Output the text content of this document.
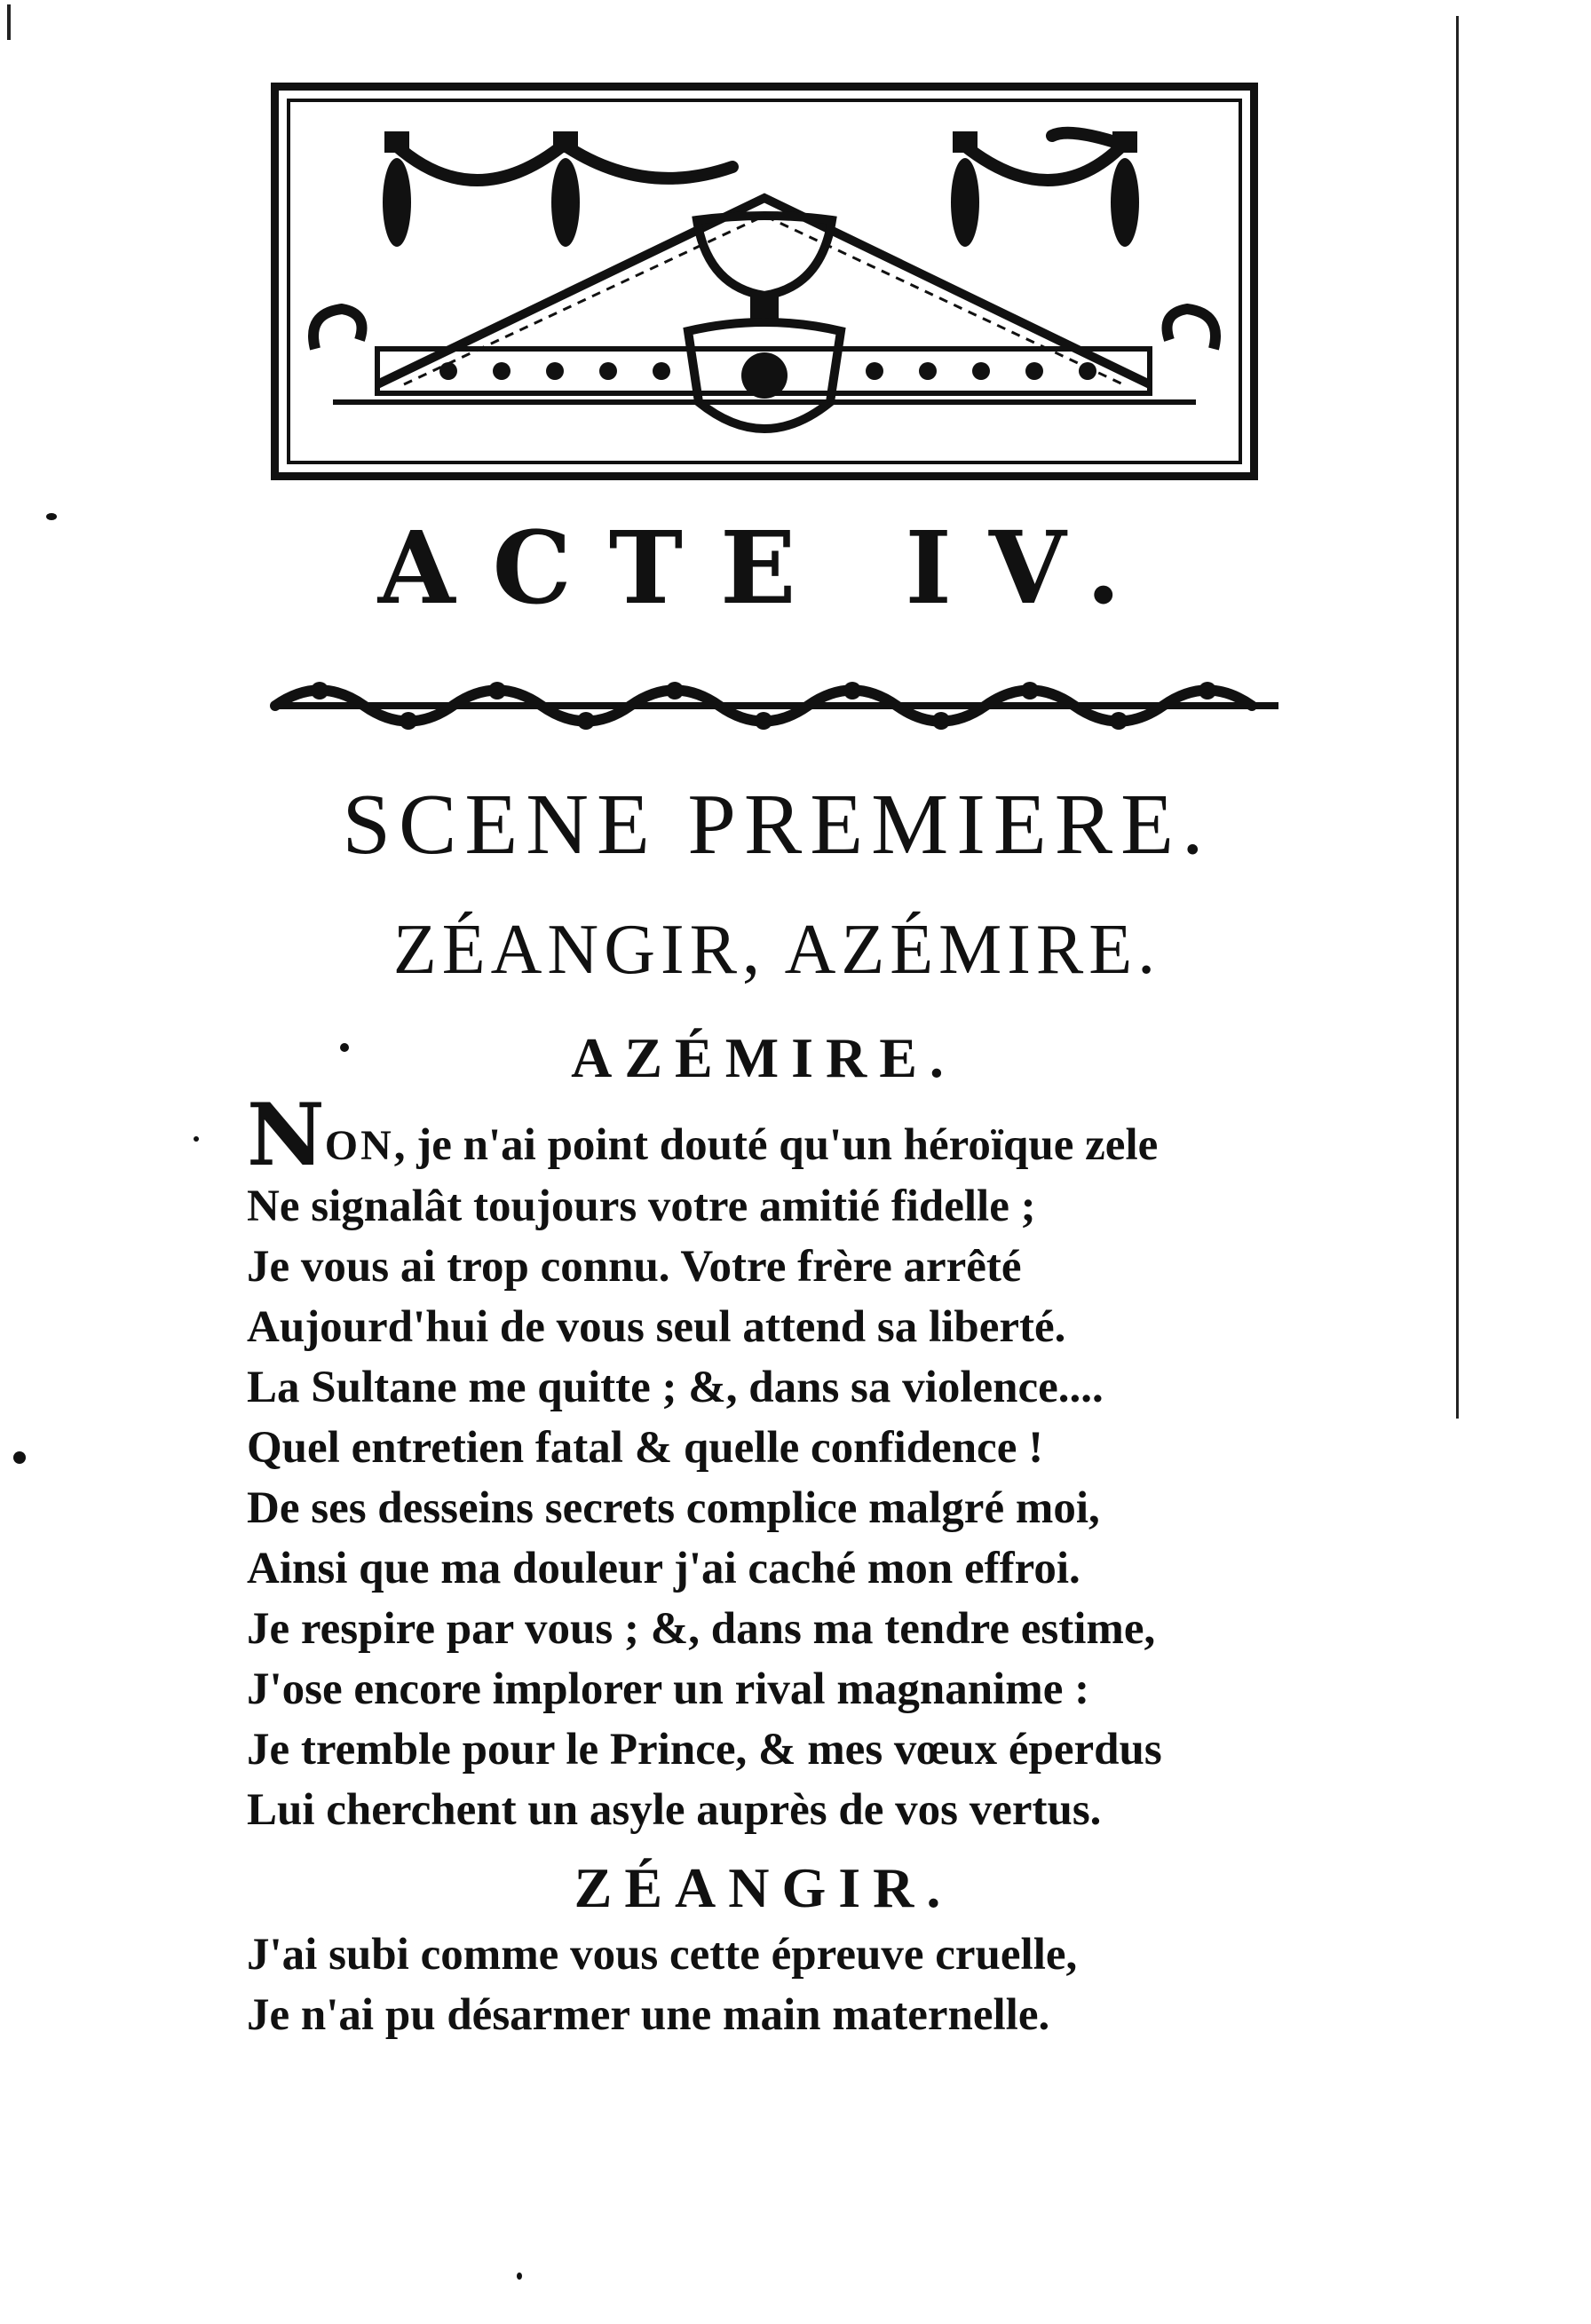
ACTE IV.
SCENE PREMIERE.
ZÉANGIR, AZÉMIRE.
AZÉMIRE.
NON, je n'ai point douté qu'un héroïque zele
Ne signalât toujours votre amitié fidelle ;
Je vous ai trop connu. Votre frère arrêté
Aujourd'hui de vous seul attend sa liberté.
La Sultane me quitte ; &, dans sa violence....
Quel entretien fatal & quelle confidence !
De ses desseins secrets complice malgré moi,
Ainsi que ma douleur j'ai caché mon effroi.
Je respire par vous ; &, dans ma tendre estime,
J'ose encore implorer un rival magnanime :
Je tremble pour le Prince, & mes vœux éperdus
Lui cherchent un asyle auprès de vos vertus.
ZÉANGIR.
J'ai subi comme vous cette épreuve cruelle,
Je n'ai pu désarmer une main maternelle.
